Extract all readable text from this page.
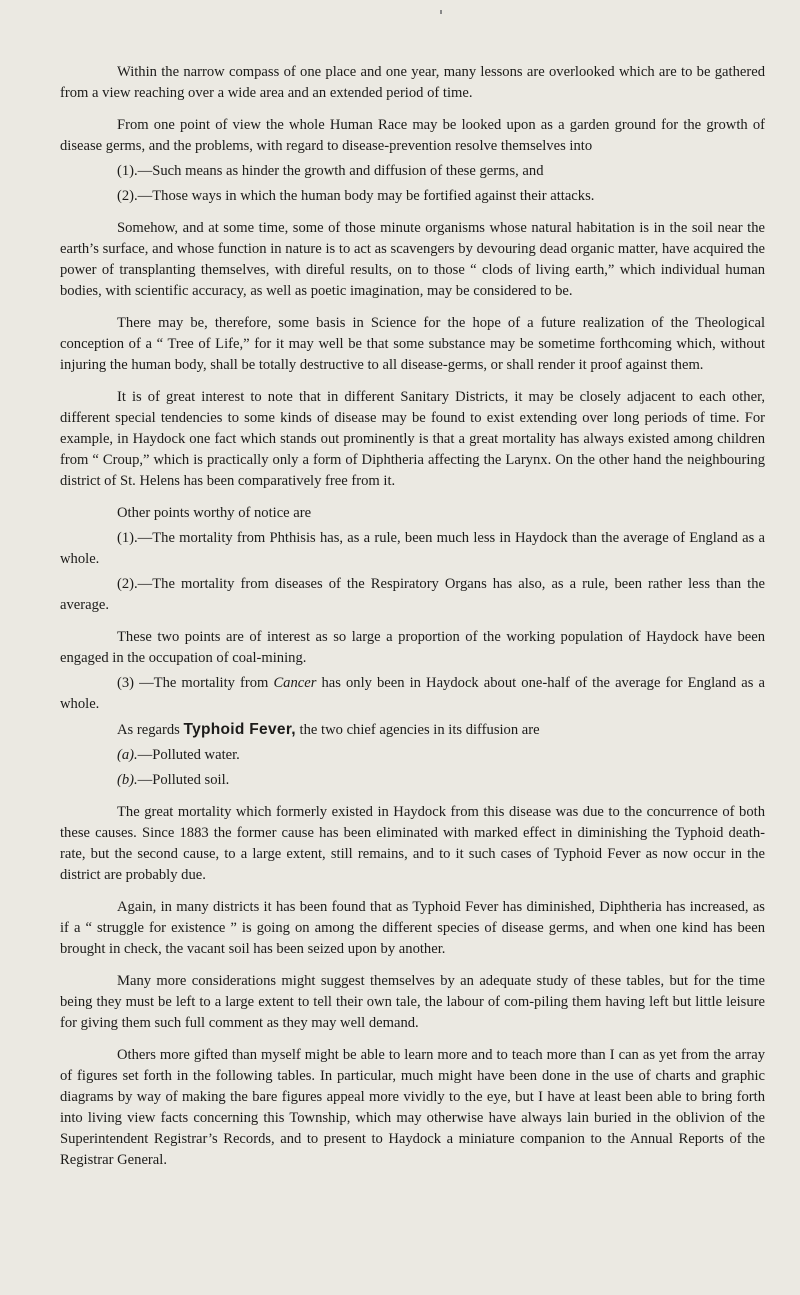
Within the narrow compass of one place and one year, many lessons are overlooked which are to be gathered from a view reaching over a wide area and an extended period of time.

From one point of view the whole Human Race may be looked upon as a garden ground for the growth of disease germs, and the problems, with regard to disease-prevention resolve themselves into

(1).—Such means as hinder the growth and diffusion of these germs, and

(2).—Those ways in which the human body may be fortified against their attacks.

Somehow, and at some time, some of those minute organisms whose natural habitation is in the soil near the earth’s surface, and whose function in nature is to act as scavengers by devouring dead organic matter, have acquired the power of transplanting themselves, with direful results, on to those “ clods of living earth,” which individual human bodies, with scientific accuracy, as well as poetic imagination, may be considered to be.

There may be, therefore, some basis in Science for the hope of a future realization of the Theological conception of a “ Tree of Life,” for it may well be that some substance may be sometime forthcoming which, without injuring the human body, shall be totally destructive to all disease-germs, or shall render it proof against them.

It is of great interest to note that in different Sanitary Districts, it may be closely adjacent to each other, different special tendencies to some kinds of disease may be found to exist extending over long periods of time. For example, in Haydock one fact which stands out prominently is that a great mortality has always existed among children from “ Croup,” which is practically only a form of Diphtheria affecting the Larynx. On the other hand the neighbouring district of St. Helens has been comparatively free from it.

Other points worthy of notice are

(1).—The mortality from Phthisis has, as a rule, been much less in Haydock than the average of England as a whole.

(2).—The mortality from diseases of the Respiratory Organs has also, as a rule, been rather less than the average.

These two points are of interest as so large a proportion of the working population of Haydock have been engaged in the occupation of coal-mining.

(3) —The mortality from Cancer has only been in Haydock about one-half of the average for England as a whole.

As regards Typhoid Fever, the two chief agencies in its diffusion are

(a).—Polluted water.

(b).—Polluted soil.

The great mortality which formerly existed in Haydock from this disease was due to the concurrence of both these causes. Since 1883 the former cause has been eliminated with marked effect in diminishing the Typhoid death-rate, but the second cause, to a large extent, still remains, and to it such cases of Typhoid Fever as now occur in the district are probably due.

Again, in many districts it has been found that as Typhoid Fever has diminished, Diphtheria has increased, as if a “ struggle for existence ” is going on among the different species of disease germs, and when one kind has been brought in check, the vacant soil has been seized upon by another.

Many more considerations might suggest themselves by an adequate study of these tables, but for the time being they must be left to a large extent to tell their own tale, the labour of com-piling them having left but little leisure for giving them such full comment as they may well demand.

Others more gifted than myself might be able to learn more and to teach more than I can as yet from the array of figures set forth in the following tables. In particular, much might have been done in the use of charts and graphic diagrams by way of making the bare figures appeal more vividly to the eye, but I have at least been able to bring forth into living view facts concerning this Township, which may otherwise have always lain buried in the oblivion of the Superintendent Registrar’s Records, and to present to Haydock a miniature companion to the Annual Reports of the Registrar General.
